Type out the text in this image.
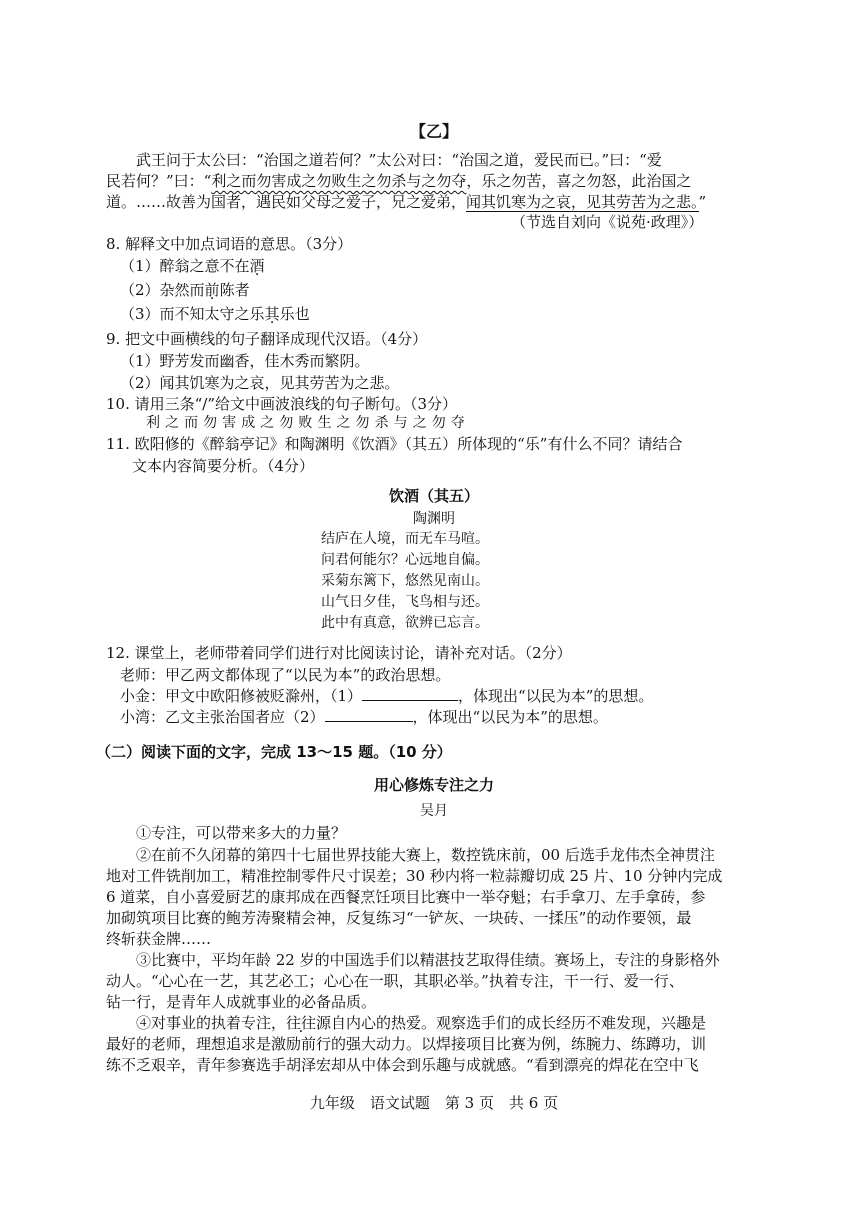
【乙】
武王问于太公曰：“治国之道若何？”太公对曰：“治国之道，爱民而已。”曰：“爱
民若何？”曰：“利之而勿害成之勿败生之勿杀与之勿夺，乐之勿苦，喜之勿怒，此治国之
道。……故善为国者，遇民如父母之爱子，兄之爱弟，闻其饥寒为之哀，见其劳苦为之悲。”
（节选自刘向《说苑·政理》）
8. 解释文中加点词语的意思。（3分）
（1）醉翁之意不在酒
（2）杂然而前陈者
（3）而不知太守之乐其乐也
9. 把文中画横线的句子翻译成现代汉语。（4分）
（1）野芳发而幽香，佳木秀而繁阴。
（2）闻其饥寒为之哀，见其劳苦为之悲。
10. 请用三条“/”给文中画波浪线的句子断句。（3分）
利 之 而 勿 害 成 之 勿 败 生 之 勿 杀 与 之 勿 夺
11. 欧阳修的《醉翁亭记》和陶渊明《饮酒》（其五）所体现的“乐”有什么不同？请结合
文本内容简要分析。（4分）
饮酒（其五）
陶渊明
结庐在人境，而无车马喧。
问君何能尔？心远地自偏。
采菊东篱下，悠然见南山。
山气日夕佳，飞鸟相与还。
此中有真意，欲辨已忘言。
12. 课堂上，老师带着同学们进行对比阅读讨论，请补充对话。（2分）
老师：甲乙两文都体现了“以民为本”的政治思想。
小金：甲文中欧阳修被贬滁州，（1）	，体现出“以民为本”的思想。
小湾：乙文主张治国者应（2）	，体现出“以民为本”的思想。
（二）阅读下面的文字，完成 13～15 题。（10 分）
用心修炼专注之力
吴月
①专注，可以带来多大的力量？
②在前不久闭幕的第四十七届世界技能大赛上，数控铣床前，00 后选手龙伟杰全神贯注
地对工件铣削加工，精准控制零件尺寸误差；30 秒内将一粒蒜瓣切成 25 片、10 分钟内完成
6 道菜，自小喜爱厨艺的康邦成在西餐烹饪项目比赛中一举夺魁；右手拿刀、左手拿砖，参
加砌筑项目比赛的鲍芳涛聚精会神，反复练习“一铲灰、一块砖、一揉压”的动作要领，最
终斩获金牌……
③比赛中，平均年龄 22 岁的中国选手们以精湛技艺取得佳绩。赛场上，专注的身影格外
动人。“心心在一艺，其艺必工；心心在一职，其职必举。”执着专注，干一行、爱一行、
钻一行，是青年人成就事业的必备品质。
④对事业的执着专注，往往源自内心的热爱。观察选手们的成长经历不难发现，兴趣是
最好的老师，理想追求是激励前行的强大动力。以焊接项目比赛为例，练腕力、练蹲功，训
练不乏艰辛，青年参赛选手胡泽宏却从中体会到乐趣与成就感。“看到漂亮的焊花在空中飞
九年级　语文试题　第 3 页　共 6 页
